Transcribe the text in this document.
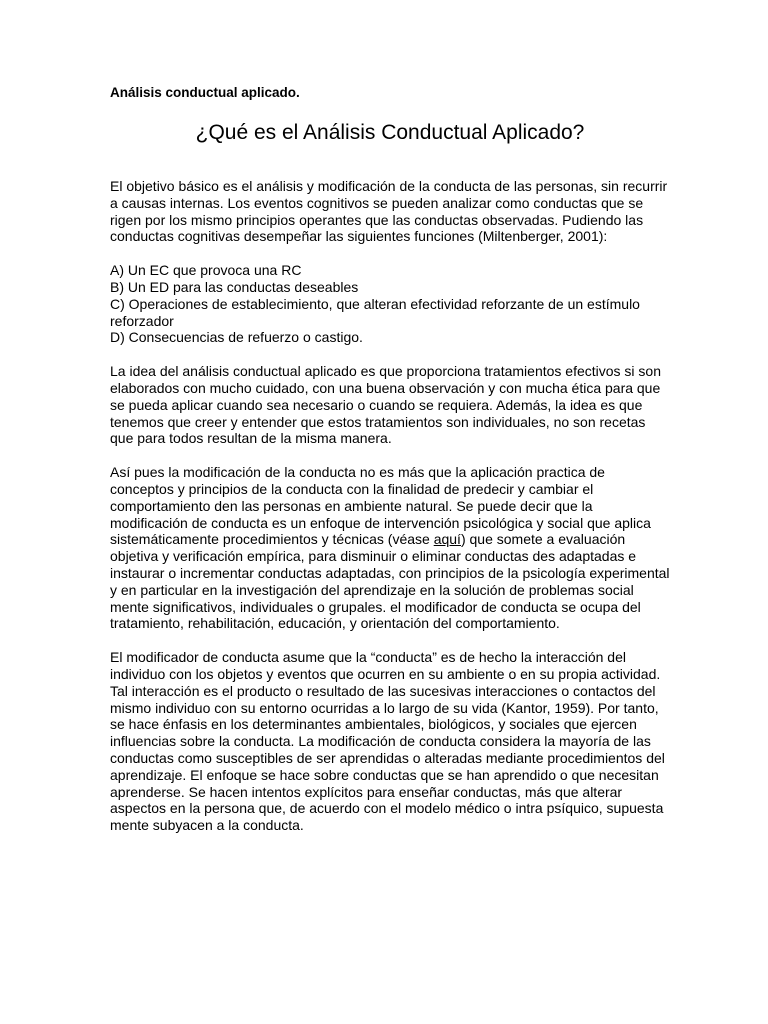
Análisis conductual aplicado.
¿Qué es el Análisis Conductual Aplicado?

El objetivo básico es el análisis y modificación de la conducta de las personas, sin recurrir a causas internas. Los eventos cognitivos se pueden analizar como conductas que se rigen por los mismo principios operantes que las conductas observadas. Pudiendo las conductas cognitivas desempeñar las siguientes funciones (Miltenberger, 2001):

A) Un EC que provoca una RC
B) Un ED para las conductas deseables
C) Operaciones de establecimiento, que alteran efectividad reforzante de un estímulo reforzador
D) Consecuencias de refuerzo o castigo.

La idea del análisis conductual aplicado es que proporciona tratamientos efectivos si son elaborados con mucho cuidado, con una buena observación y con mucha ética para que se pueda aplicar cuando sea necesario o cuando se requiera. Además, la idea es que tenemos que creer y entender que estos tratamientos son individuales, no son recetas que para todos resultan de la misma manera.

Así pues la modificación de la conducta no es más que la aplicación practica de conceptos y principios de la conducta con la finalidad de predecir y cambiar el comportamiento den las personas en ambiente natural. Se puede decir que la modificación de conducta es un enfoque de intervención psicológica y social que aplica sistemáticamente procedimientos y técnicas (véase aquí) que somete a evaluación objetiva y verificación empírica, para disminuir o eliminar conductas des adaptadas e instaurar o incrementar conductas adaptadas, con principios de la psicología experimental y en particular en la investigación del aprendizaje en la solución de problemas social mente significativos, individuales o grupales. el modificador de conducta se ocupa del tratamiento, rehabilitación, educación, y orientación del comportamiento.

El modificador de conducta asume que la “conducta” es de hecho la interacción del individuo con los objetos y eventos que ocurren en su ambiente o en su propia actividad. Tal interacción es el producto o resultado de las sucesivas interacciones o contactos del mismo individuo con su entorno ocurridas a lo largo de su vida (Kantor, 1959). Por tanto, se hace énfasis en los determinantes ambientales, biológicos, y sociales que ejercen influencias sobre la conducta. La modificación de conducta considera la mayoría de las conductas como susceptibles de ser aprendidas o alteradas mediante procedimientos del aprendizaje. El enfoque se hace sobre conductas que se han aprendido o que necesitan aprenderse. Se hacen intentos explícitos para enseñar conductas, más que alterar aspectos en la persona que, de acuerdo con el modelo médico o intra psíquico, supuesta mente subyacen a la conducta.
